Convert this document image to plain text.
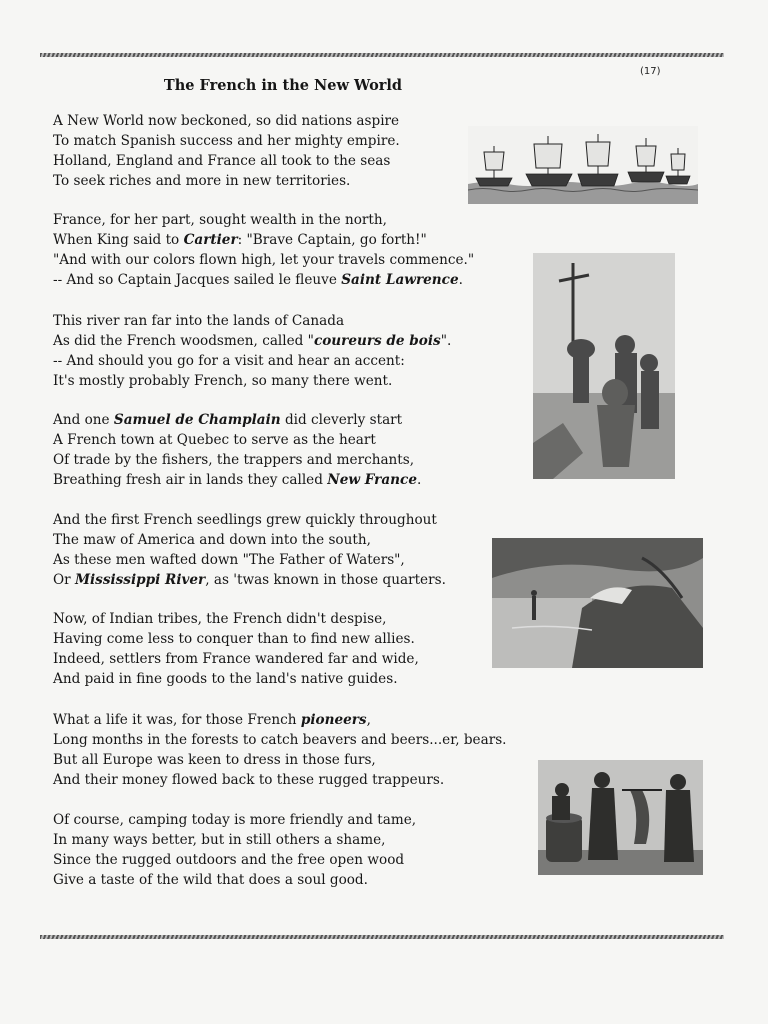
(17)
The French in the New World
A New World now beckoned, so did nations aspire
To match Spanish success and her mighty empire.
Holland, England and France all took to the seas
To seek riches and more in new territories.
France, for her part, sought wealth in the north,
When King said to Cartier: "Brave Captain, go forth!"
"And with our colors flown high, let your travels commence."
-- And so Captain Jacques sailed le fleuve Saint Lawrence.
This river ran far into the lands of Canada
As did the French woodsmen, called "coureurs de bois".
-- And should you go for a visit and hear an accent:
It's mostly probably French, so many there went.
And one Samuel de Champlain did cleverly start
A French town at Quebec to serve as the heart
Of trade by the fishers, the trappers and merchants,
Breathing fresh air in lands they called New France.
And the first French seedlings grew quickly throughout
The maw of America and down into the south,
As these men wafted down "The Father of Waters",
Or Mississippi River, as 'twas known in those quarters.
Now, of Indian tribes, the French didn't despise,
Having come less to conquer than to find new allies.
Indeed, settlers from France wandered far and wide,
And paid in fine goods to the land's native guides.
What a life it was, for those French pioneers,
Long months in the forests to catch beavers and beers...er, bears.
But all Europe was keen to dress in those furs,
And their money flowed back to these rugged trappeurs.
Of course, camping today is more friendly and tame,
In many ways better, but in still others a shame,
Since the rugged outdoors and the free open wood
Give a taste of the wild that does a soul good.
